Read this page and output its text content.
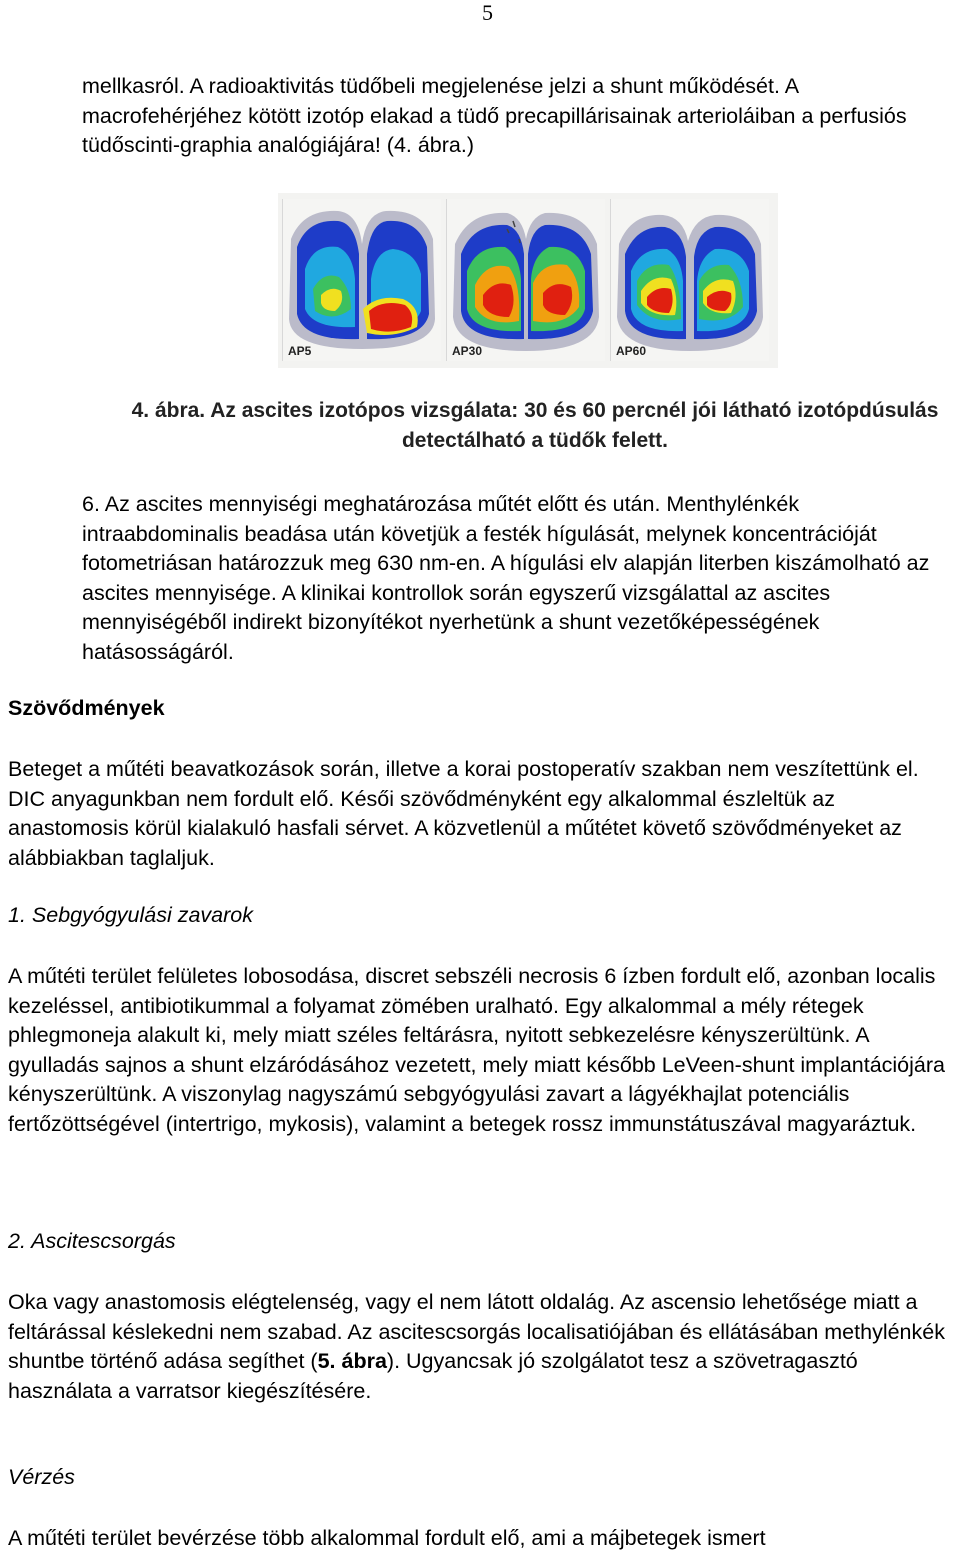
5

mellkasról. A radioaktivitás tüdőbeli megjelenése jelzi a shunt működését. A macrofehérjéhez kötött izotóp elakad a tüdő precapillárisainak arterioláiban a perfusiós tüdőscinti-graphia analógiájára! (4. ábra.)

AP5	AP30	AP60

4. ábra. Az ascites izotópos vizsgálata: 30 és 60 percnél jói látható izotópdúsulás detectálható a tüdők felett.

6. Az ascites mennyiségi meghatározása műtét előtt és után. Menthylénkék intraabdominalis beadása után követjük a festék hígulását, melynek koncentrációját fotometriásan határozzuk meg 630 nm-en. A hígulási elv alapján literben kiszámolható az ascites mennyisége. A klinikai kontrollok során egyszerű vizsgálattal az ascites mennyiségéből indirekt bizonyítékot nyerhetünk a shunt vezetőképességének hatásosságáról.

Szövődmények

Beteget a műtéti beavatkozások során, illetve a korai postoperatív szakban nem veszítettünk el. DIC anyagunkban nem fordult elő. Késői szövődményként egy alkalommal észleltük az anastomosis körül kialakuló hasfali sérvet. A közvetlenül a műtétet követő szövődményeket az alábbiakban taglaljuk.

1. Sebgyógyulási zavarok

A műtéti terület felületes lobosodása, discret sebszéli necrosis 6 ízben fordult elő, azonban localis kezeléssel, antibiotikummal a folyamat zömében uralható. Egy alkalommal a mély rétegek phlegmoneja alakult ki, mely miatt széles feltárásra, nyitott sebkezelésre kényszerültünk. A gyulladás sajnos a shunt elzáródásához vezetett, mely miatt később LeVeen-shunt implantációjára kényszerültünk. A viszonylag nagyszámú sebgyógyulási zavart a lágyékhajlat potenciális fertőzöttségével (intertrigo, mykosis), valamint a betegek rossz immunstátuszával magyaráztuk.

2. Ascitescsorgás

Oka vagy anastomosis elégtelenség, vagy el nem látott oldalág. Az ascensio lehetősége miatt a feltárással késlekedni nem szabad. Az ascitescsorgás localisatiójában és ellátásában methylénkék shuntbe történő adása segíthet (5. ábra). Ugyancsak jó szolgálatot tesz a szövetragasztó használata a varratsor kiegészítésére.

Vérzés

A műtéti terület bevérzése több alkalommal fordult elő, ami a májbetegek ismert
